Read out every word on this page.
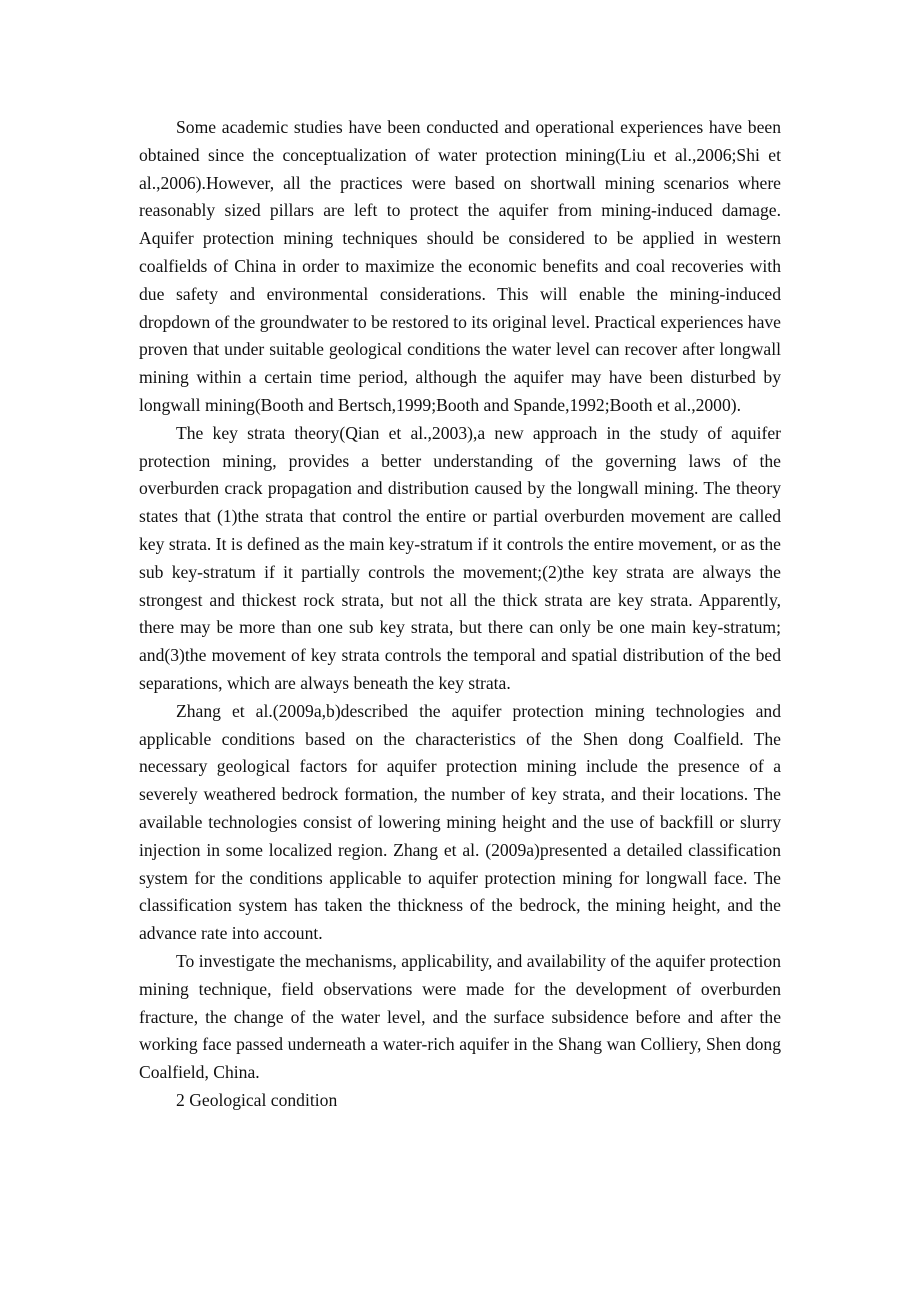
Some academic studies have been conducted and operational experiences have been obtained since the conceptualization of water protection mining(Liu et al.,2006;Shi et al.,2006).However, all the practices were based on shortwall mining scenarios where reasonably sized pillars are left to protect the aquifer from mining-induced damage. Aquifer protection mining techniques should be considered to be applied in western coalfields of China in order to maximize the economic benefits and coal recoveries with due safety and environmental considerations. This will enable the mining-induced dropdown of the groundwater to be restored to its original level. Practical experiences have proven that under suitable geological conditions the water level can recover after longwall mining within a certain time period, although the aquifer may have been disturbed by longwall mining(Booth and Bertsch,1999;Booth and Spande,1992;Booth et al.,2000).

The key strata theory(Qian et al.,2003),a new approach in the study of aquifer protection mining, provides a better understanding of the governing laws of the overburden crack propagation and distribution caused by the longwall mining. The theory states that (1)the strata that control the entire or partial overburden movement are called key strata. It is defined as the main key-stratum if it controls the entire movement, or as the sub key-stratum if it partially controls the movement;(2)the key strata are always the strongest and thickest rock strata, but not all the thick strata are key strata. Apparently, there may be more than one sub key strata, but there can only be one main key-stratum; and(3)the movement of key strata controls the temporal and spatial distribution of the bed separations, which are always beneath the key strata.

Zhang et al.(2009a,b)described the aquifer protection mining technologies and applicable conditions based on the characteristics of the Shen dong Coalfield. The necessary geological factors for aquifer protection mining include the presence of a severely weathered bedrock formation, the number of key strata, and their locations. The available technologies consist of lowering mining height and the use of backfill or slurry injection in some localized region. Zhang et al. (2009a)presented a detailed classification system for the conditions applicable to aquifer protection mining for longwall face. The classification system has taken the thickness of the bedrock, the mining height, and the advance rate into account.

To investigate the mechanisms, applicability, and availability of the aquifer protection mining technique, field observations were made for the development of overburden fracture, the change of the water level, and the surface subsidence before and after the working face passed underneath a water-rich aquifer in the Shang wan Colliery, Shen dong Coalfield, China.

2 Geological condition
